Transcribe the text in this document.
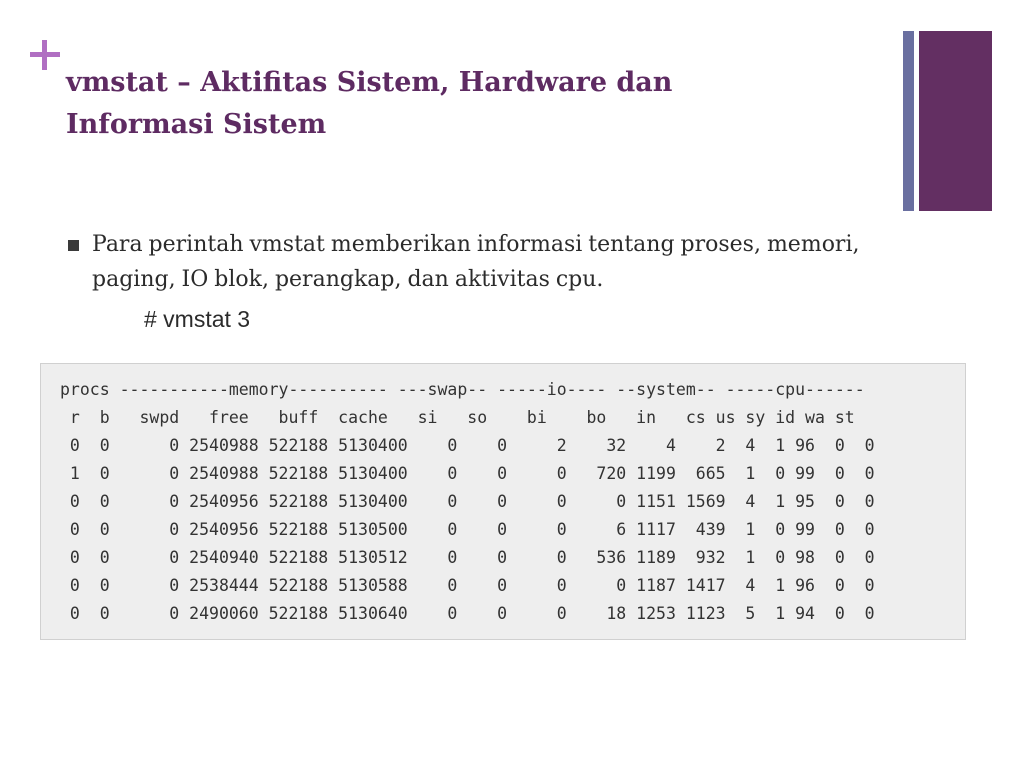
vmstat – Aktifitas Sistem, Hardware dan Informasi Sistem
Para perintah vmstat memberikan informasi tentang proses, memori, paging, IO blok, perangkap, dan aktivitas cpu.
# vmstat 3
procs -----------memory---------- ---swap-- -----io---- --system-- -----cpu------
r  b   swpd   free   buff  cache   si   so    bi    bo   in   cs us sy id wa st
0  0      0 2540988 522188 5130400    0    0     2    32    4    2  4  1 96  0  0
1  0      0 2540988 522188 5130400    0    0     0   720 1199  665  1  0 99  0  0
0  0      0 2540956 522188 5130400    0    0     0     0 1151 1569  4  1 95  0  0
0  0      0 2540956 522188 5130500    0    0     0     6 1117  439  1  0 99  0  0
0  0      0 2540940 522188 5130512    0    0     0   536 1189  932  1  0 98  0  0
0  0      0 2538444 522188 5130588    0    0     0     0 1187 1417  4  1 96  0  0
0  0      0 2490060 522188 5130640    0    0     0    18 1253 1123  5  1 94  0  0
